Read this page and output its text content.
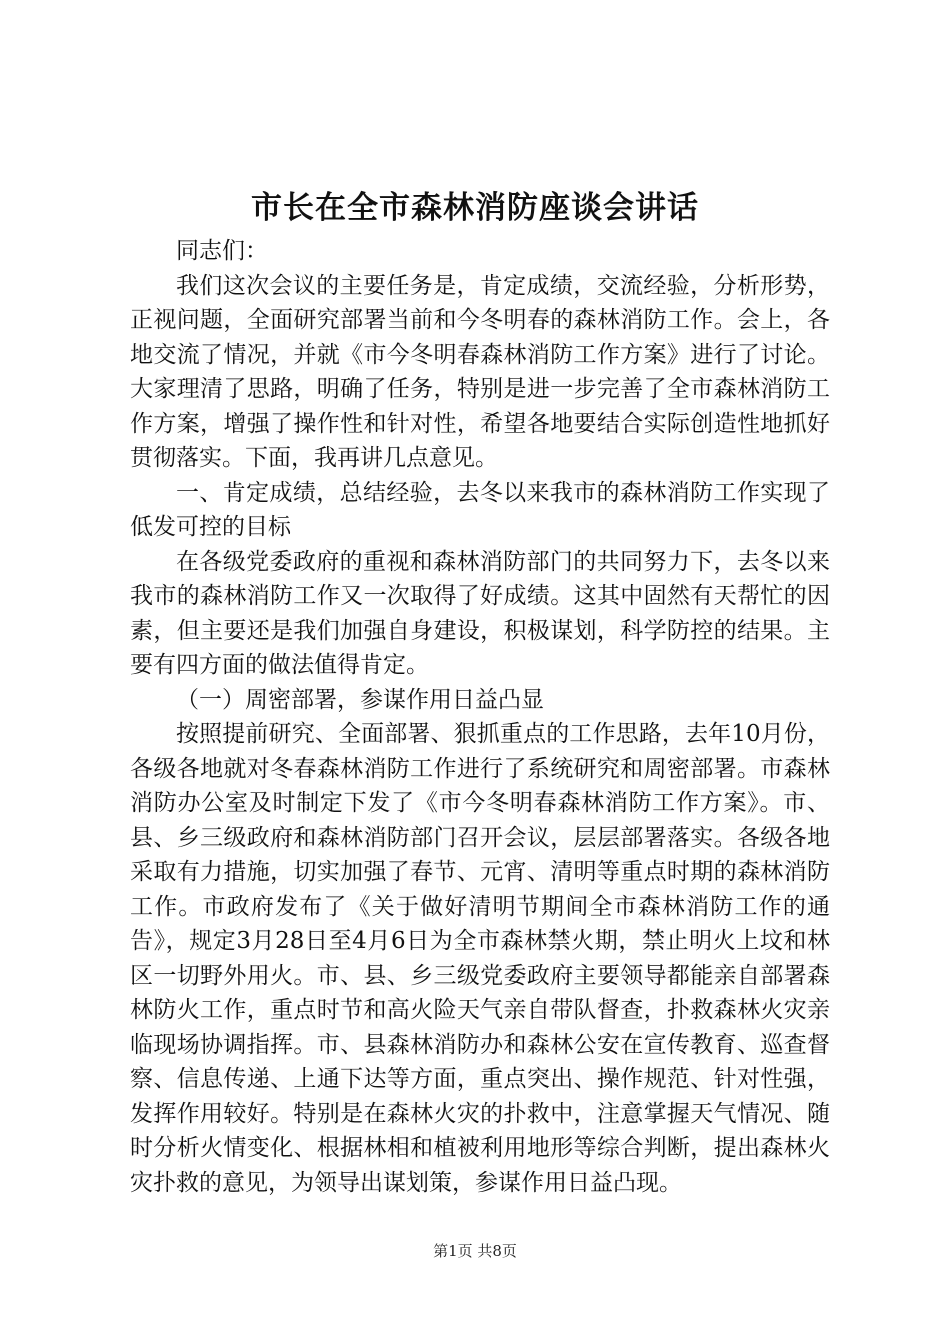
市长在全市森林消防座谈会讲话

同志们：

我们这次会议的主要任务是，肯定成绩，交流经验，分析形势，正视问题，全面研究部署当前和今冬明春的森林消防工作。会上，各地交流了情况，并就《市今冬明春森林消防工作方案》进行了讨论。大家理清了思路，明确了任务，特别是进一步完善了全市森林消防工作方案，增强了操作性和针对性，希望各地要结合实际创造性地抓好贯彻落实。下面，我再讲几点意见。

一、肯定成绩，总结经验，去冬以来我市的森林消防工作实现了低发可控的目标

在各级党委政府的重视和森林消防部门的共同努力下，去冬以来我市的森林消防工作又一次取得了好成绩。这其中固然有天帮忙的因素，但主要还是我们加强自身建设，积极谋划，科学防控的结果。主要有四方面的做法值得肯定。

（一）周密部署，参谋作用日益凸显

按照提前研究、全面部署、狠抓重点的工作思路，去年10月份，各级各地就对冬春森林消防工作进行了系统研究和周密部署。市森林消防办公室及时制定下发了《市今冬明春森林消防工作方案》。市、县、乡三级政府和森林消防部门召开会议，层层部署落实。各级各地采取有力措施，切实加强了春节、元宵、清明等重点时期的森林消防工作。市政府发布了《关于做好清明节期间全市森林消防工作的通告》，规定3月28日至4月6日为全市森林禁火期，禁止明火上坟和林区一切野外用火。市、县、乡三级党委政府主要领导都能亲自部署森林防火工作，重点时节和高火险天气亲自带队督查，扑救森林火灾亲临现场协调指挥。市、县森林消防办和森林公安在宣传教育、巡查督察、信息传递、上通下达等方面，重点突出、操作规范、针对性强，发挥作用较好。特别是在森林火灾的扑救中，注意掌握天气情况、随时分析火情变化、根据林相和植被利用地形等综合判断，提出森林火灾扑救的意见，为领导出谋划策，参谋作用日益凸现。

第1页 共8页
